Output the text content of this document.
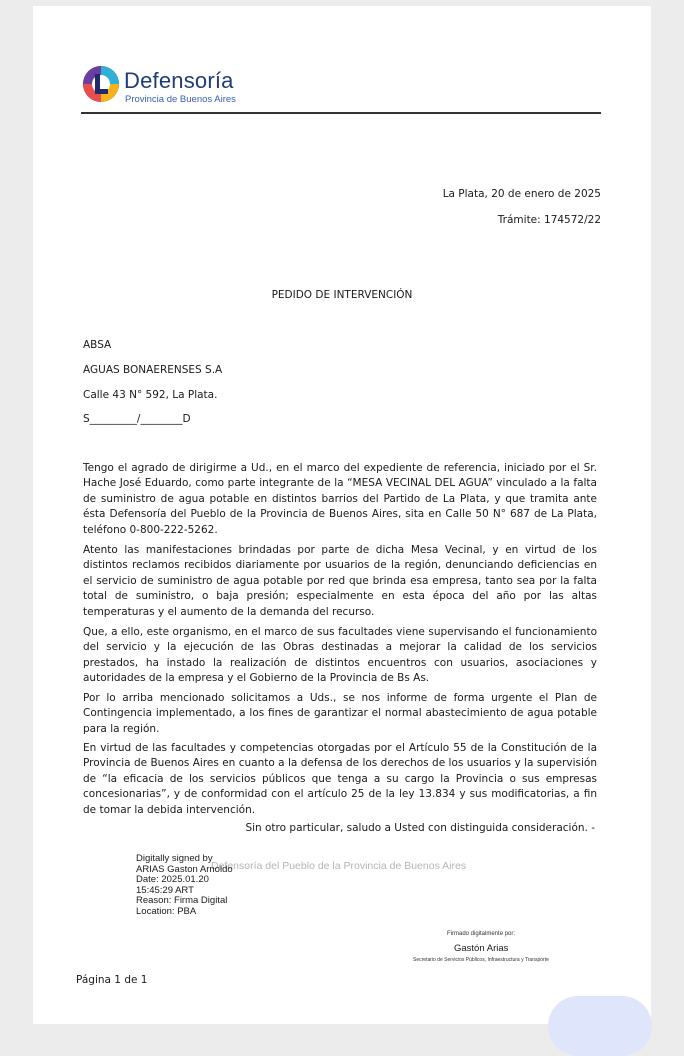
Defensoría
Provincia de Buenos Aires
La Plata, 20 de enero de 2025
Trámite: 174572/22
PEDIDO DE INTERVENCIÓN
ABSA
AGUAS BONAERENSES S.A
Calle 43 N° 592, La Plata.
S_________/________D
Tengo el agrado de dirigirme a Ud., en el marco del expediente de referencia, iniciado por el Sr. Hache José Eduardo, como parte integrante de la “MESA VECINAL DEL AGUA” vinculado a la falta de suministro de agua potable en distintos barrios del Partido de La Plata, y que tramita ante ésta Defensoría del Pueblo de la Provincia de Buenos Aires, sita en Calle 50 N° 687 de La Plata, teléfono 0-800-222-5262.
Atento las manifestaciones brindadas por parte de dicha Mesa Vecinal, y en virtud de los distintos reclamos recibidos diariamente por usuarios de la región, denunciando deficiencias en el servicio de suministro de agua potable por red que brinda esa empresa, tanto sea por la falta total de suministro, o baja presión; especialmente en esta época del año por las altas temperaturas y el aumento de la demanda del recurso.
Que, a ello, este organismo, en el marco de sus facultades viene supervisando el funcionamiento del servicio y la ejecución de las Obras destinadas a mejorar la calidad de los servicios prestados, ha instado la realización de distintos encuentros con usuarios, asociaciones y autoridades de la empresa y el Gobierno de la Provincia de Bs As.
Por lo arriba mencionado solicitamos a Uds., se nos informe de forma urgente el Plan de Contingencia implementado, a los fines de garantizar el normal abastecimiento de agua potable para la región.
En virtud de las facultades y competencias otorgadas por el Artículo 55 de la Constitución de la Provincia de Buenos Aires en cuanto a la defensa de los derechos de los usuarios y la supervisión de “la eficacia de los servicios públicos que tenga a su cargo la Provincia o sus empresas concesionarias”, y de conformidad con el artículo 25 de la ley 13.834 y sus modificatorias, a fin de tomar la debida intervención.
Sin otro particular, saludo a Usted con distinguida consideración. -
Defensoría del Pueblo de la Provincia de Buenos Aires
Digitally signed by
ARIAS Gaston Arnoldo
Date: 2025.01.20
15:45:29 ART
Reason: Firma Digital
Location: PBA
Firmado digitalmente por:
Gastón Arias
Secretario de Servicios Públicos, Infraestructura y Transporte
Página 1 de 1
